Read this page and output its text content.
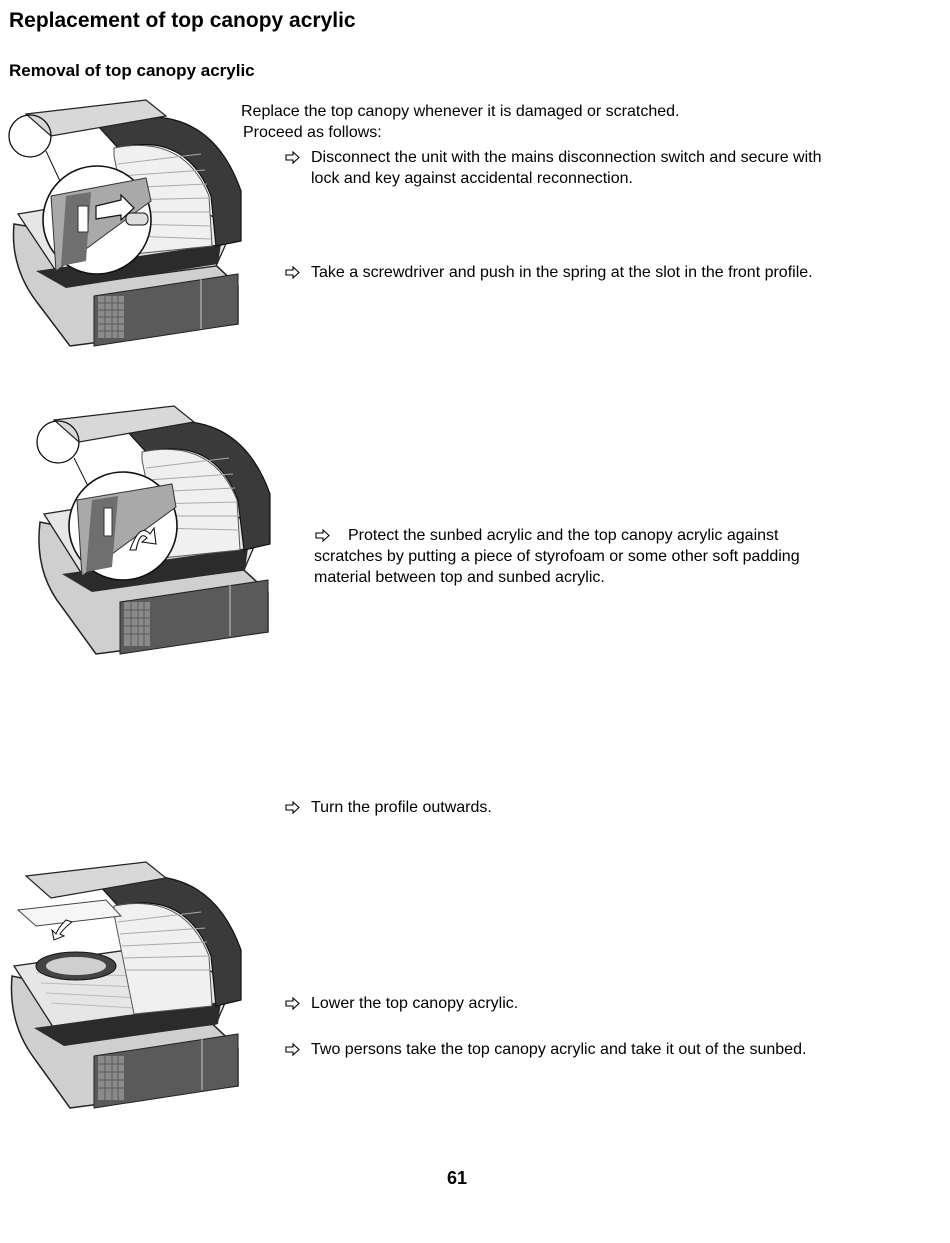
Replacement of top canopy acrylic
Removal of top canopy acrylic
Replace the top canopy whenever it is damaged or scratched.
Proceed as follows:
Disconnect the unit with the mains disconnection switch and secure with
lock and key against accidental reconnection.
Take a screwdriver and push in the spring at the slot in the front profile.
Protect the sunbed acrylic and the top canopy acrylic against
scratches by putting a piece of styrofoam or some other soft padding
material between top and sunbed acrylic.
Turn the profile outwards.
Lower the top canopy acrylic.
Two persons take the top canopy acrylic and take it out of the sunbed.
61
